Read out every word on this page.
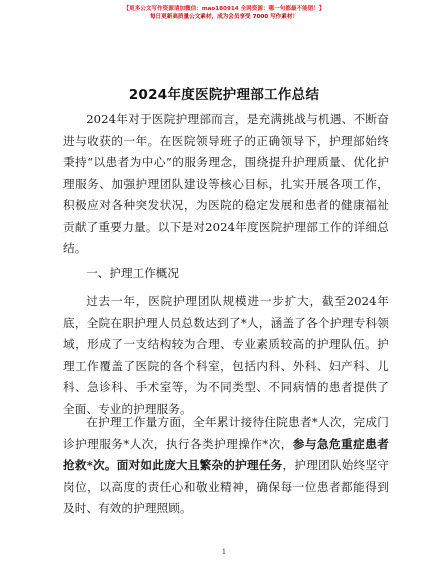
【更多公文写作资源请加微信：mao180914 全网资源：哪一句都最不能错！】
每日更新高质量公文素材，成为会员享受 7000 写作素材！
2024年度医院护理部工作总结

2024年对于医院护理部而言，是充满挑战与机遇、不断奋进与收获的一年。在医院领导班子的正确领导下，护理部始终秉持“以患者为中心”的服务理念，围绕提升护理质量、优化护理服务、加强护理团队建设等核心目标，扎实开展各项工作，积极应对各种突发状况，为医院的稳定发展和患者的健康福祉贡献了重要力量。以下是对2024年度医院护理部工作的详细总结。

一、护理工作概况

过去一年，医院护理团队规模进一步扩大，截至2024年底，全院在职护理人员总数达到了*人，涵盖了各个护理专科领域，形成了一支结构较为合理、专业素质较高的护理队伍。护理工作覆盖了医院的各个科室，包括内科、外科、妇产科、儿科、急诊科、手术室等，为不同类型、不同病情的患者提供了全面、专业的护理服务。

在护理工作量方面，全年累计接待住院患者*人次，完成门诊护理服务*人次，执行各类护理操作*次，参与急危重症患者抢救*次。面对如此庞大且繁杂的护理任务，护理团队始终坚守岗位，以高度的责任心和敬业精神，确保每一位患者都能得到及时、有效的护理照顾。

1
